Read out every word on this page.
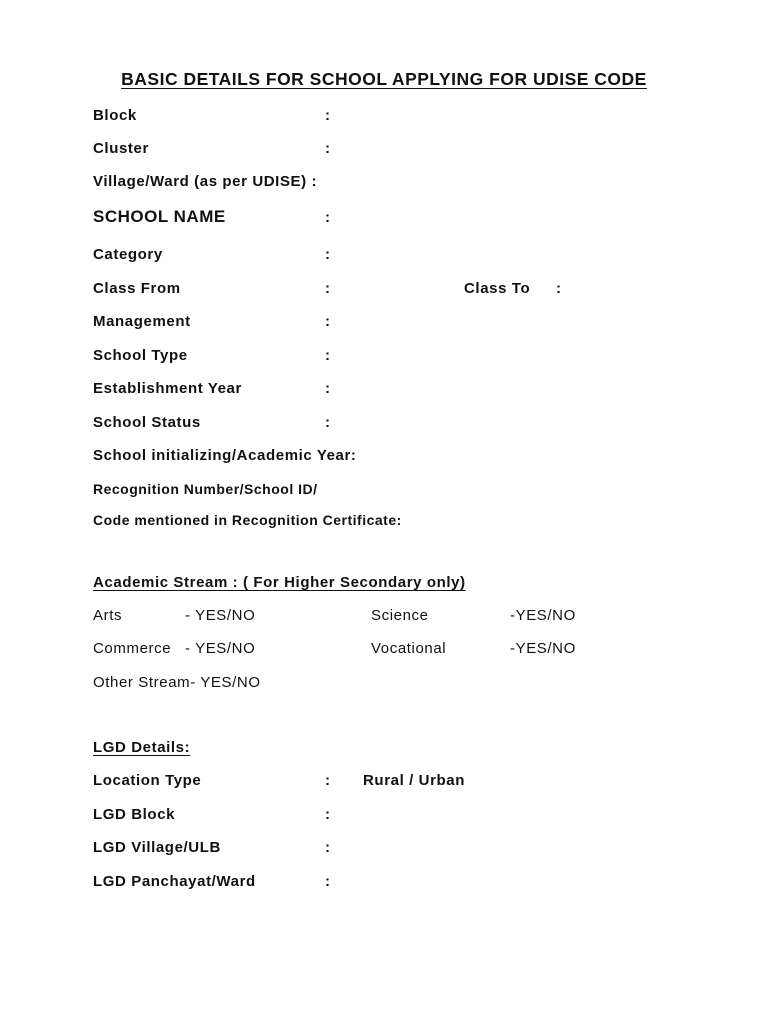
BASIC DETAILS FOR SCHOOL APPLYING FOR UDISE CODE
Block	:
Cluster	:
Village/Ward (as per UDISE) :
SCHOOL NAME	:
Category	:
Class From	:	Class To :
Management	:
School Type	:
Establishment Year	:
School Status	:
School initializing/Academic Year:
Recognition Number/School ID/
Code mentioned in Recognition Certificate:
Academic Stream : ( For Higher Secondary only)
Arts	- YES/NO	Science	-YES/NO
Commerce - YES/NO	Vocational	-YES/NO
Other Stream- YES/NO
LGD Details:
Location Type	: Rural / Urban
LGD Block	:
LGD Village/ULB	:
LGD Panchayat/Ward	:
